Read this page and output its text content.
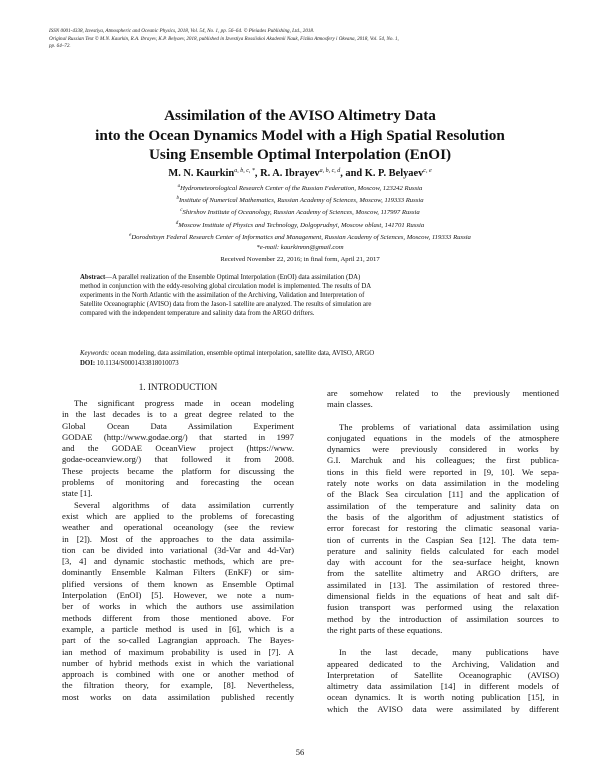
ISSN 0001-4338, Izvestiya, Atmospheric and Oceanic Physics, 2018, Vol. 54, No. 1, pp. 56–64. © Pleiades Publishing, Ltd., 2018.
Original Russian Text © M.N. Kaurkin, R.A. Ibrayev, K.P. Belyaev, 2018, published in Izvestiya Rossiiskoi Akademii Nauk, Fizika Atmosfery i Okeana, 2018, Vol. 54, No. 1,
pp. 64–72.
Assimilation of the AVISO Altimetry Data
into the Ocean Dynamics Model with a High Spatial Resolution
Using Ensemble Optimal Interpolation (EnOI)
M. N. Kaurkin$^{a, b, c, *}$, R. A. Ibrayev$^{a, b, c, d}$, and K. P. Belyaev$^{c, e}$
$^a$Hydrometeorological Research Center of the Russian Federation, Moscow, 123242 Russia
$^b$Institute of Numerical Mathematics, Russian Academy of Sciences, Moscow, 119333 Russia
$^c$Shirshov Institute of Oceanology, Russian Academy of Sciences, Moscow, 117997 Russia
$^d$Moscow Institute of Physics and Technology, Dolgoprudnyi, Moscow oblast, 141701 Russia
$^e$Dorodnitsyn Federal Research Center of Informatics and Management, Russian Academy of Sciences, Moscow, 119333 Russia
*e-mail: kaurkinmn@gmail.com
Received November 22, 2016; in final form, April 21, 2017
Abstract—A parallel realization of the Ensemble Optimal Interpolation (EnOI) data assimilation (DA)
method in conjunction with the eddy-resolving global circulation model is implemented. The results of DA
experiments in the North Atlantic with the assimilation of the Archiving, Validation and Interpretation of
Satellite Oceanographic (AVISO) data from the Jason-1 satellite are analyzed. The results of simulation are
compared with the independent temperature and salinity data from the ARGO drifters.
Keywords: ocean modeling, data assimilation, ensemble optimal interpolation, satellite data, AVISO, ARGO
DOI: 10.1134/S0001433818010073
1. INTRODUCTION
The significant progress made in ocean modeling
in the last decades is to a great degree related to the
Global Ocean Data Assimilation Experiment
GODAE (http://www.godae.org/) that started in 1997
and the GODAE OceanView project (https://www.
godae-oceanview.org/) that followed it from 2008.
These projects became the platform for discussing the
problems of monitoring and forecasting the ocean
state [1].
Several algorithms of data assimilation currently
exist which are applied to the problems of forecasting
weather and operational oceanology (see the review
in [2]). Most of the approaches to the data assimila-
tion can be divided into variational (3d-Var and 4d-Var)
[3, 4] and dynamic stochastic methods, which are pre-
dominantly Ensemble Kalman Filters (EnKF) or sim-
plified versions of them known as Ensemble Optimal
Interpolation (EnOI) [5]. However, we note a num-
ber of works in which the authors use assimilation
methods different from those mentioned above. For
example, a particle method is used in [6], which is a
part of the so-called Lagrangian approach. The Bayes-
ian method of maximum probability is used in [7]. A
number of hybrid methods exist in which the variational
approach is combined with one or another method of
the filtration theory, for example, [8]. Nevertheless,
most works on data assimilation published recently
are somehow related to the previously mentioned
main classes.
The problems of variational data assimilation using
conjugated equations in the models of the atmosphere
dynamics were previously considered in works by
G.I. Marchuk and his colleagues; the first publica-
tions in this field were reported in [9, 10]. We sepa-
rately note works on data assimilation in the modeling
of the Black Sea circulation [11] and the application of
assimilation of the temperature and salinity data on
the basis of the algorithm of adjustment statistics of
error forecast for restoring the climatic seasonal varia-
tion of currents in the Caspian Sea [12]. The data tem-
perature and salinity fields calculated for each model
day with account for the sea-surface height, known
from the satellite altimetry and ARGO drifters, are
assimilated in [13]. The assimilation of restored three-
dimensional fields in the equations of heat and salt dif-
fusion transport was performed using the relaxation
method by the introduction of assimilation sources to
the right parts of these equations.
In the last decade, many publications have
appeared dedicated to the Archiving, Validation and
Interpretation of Satellite Oceanographic (AVISO)
altimetry data assimilation [14] in different models of
ocean dynamics. It is worth noting publication [15], in
which the AVISO data were assimilated by different
56
